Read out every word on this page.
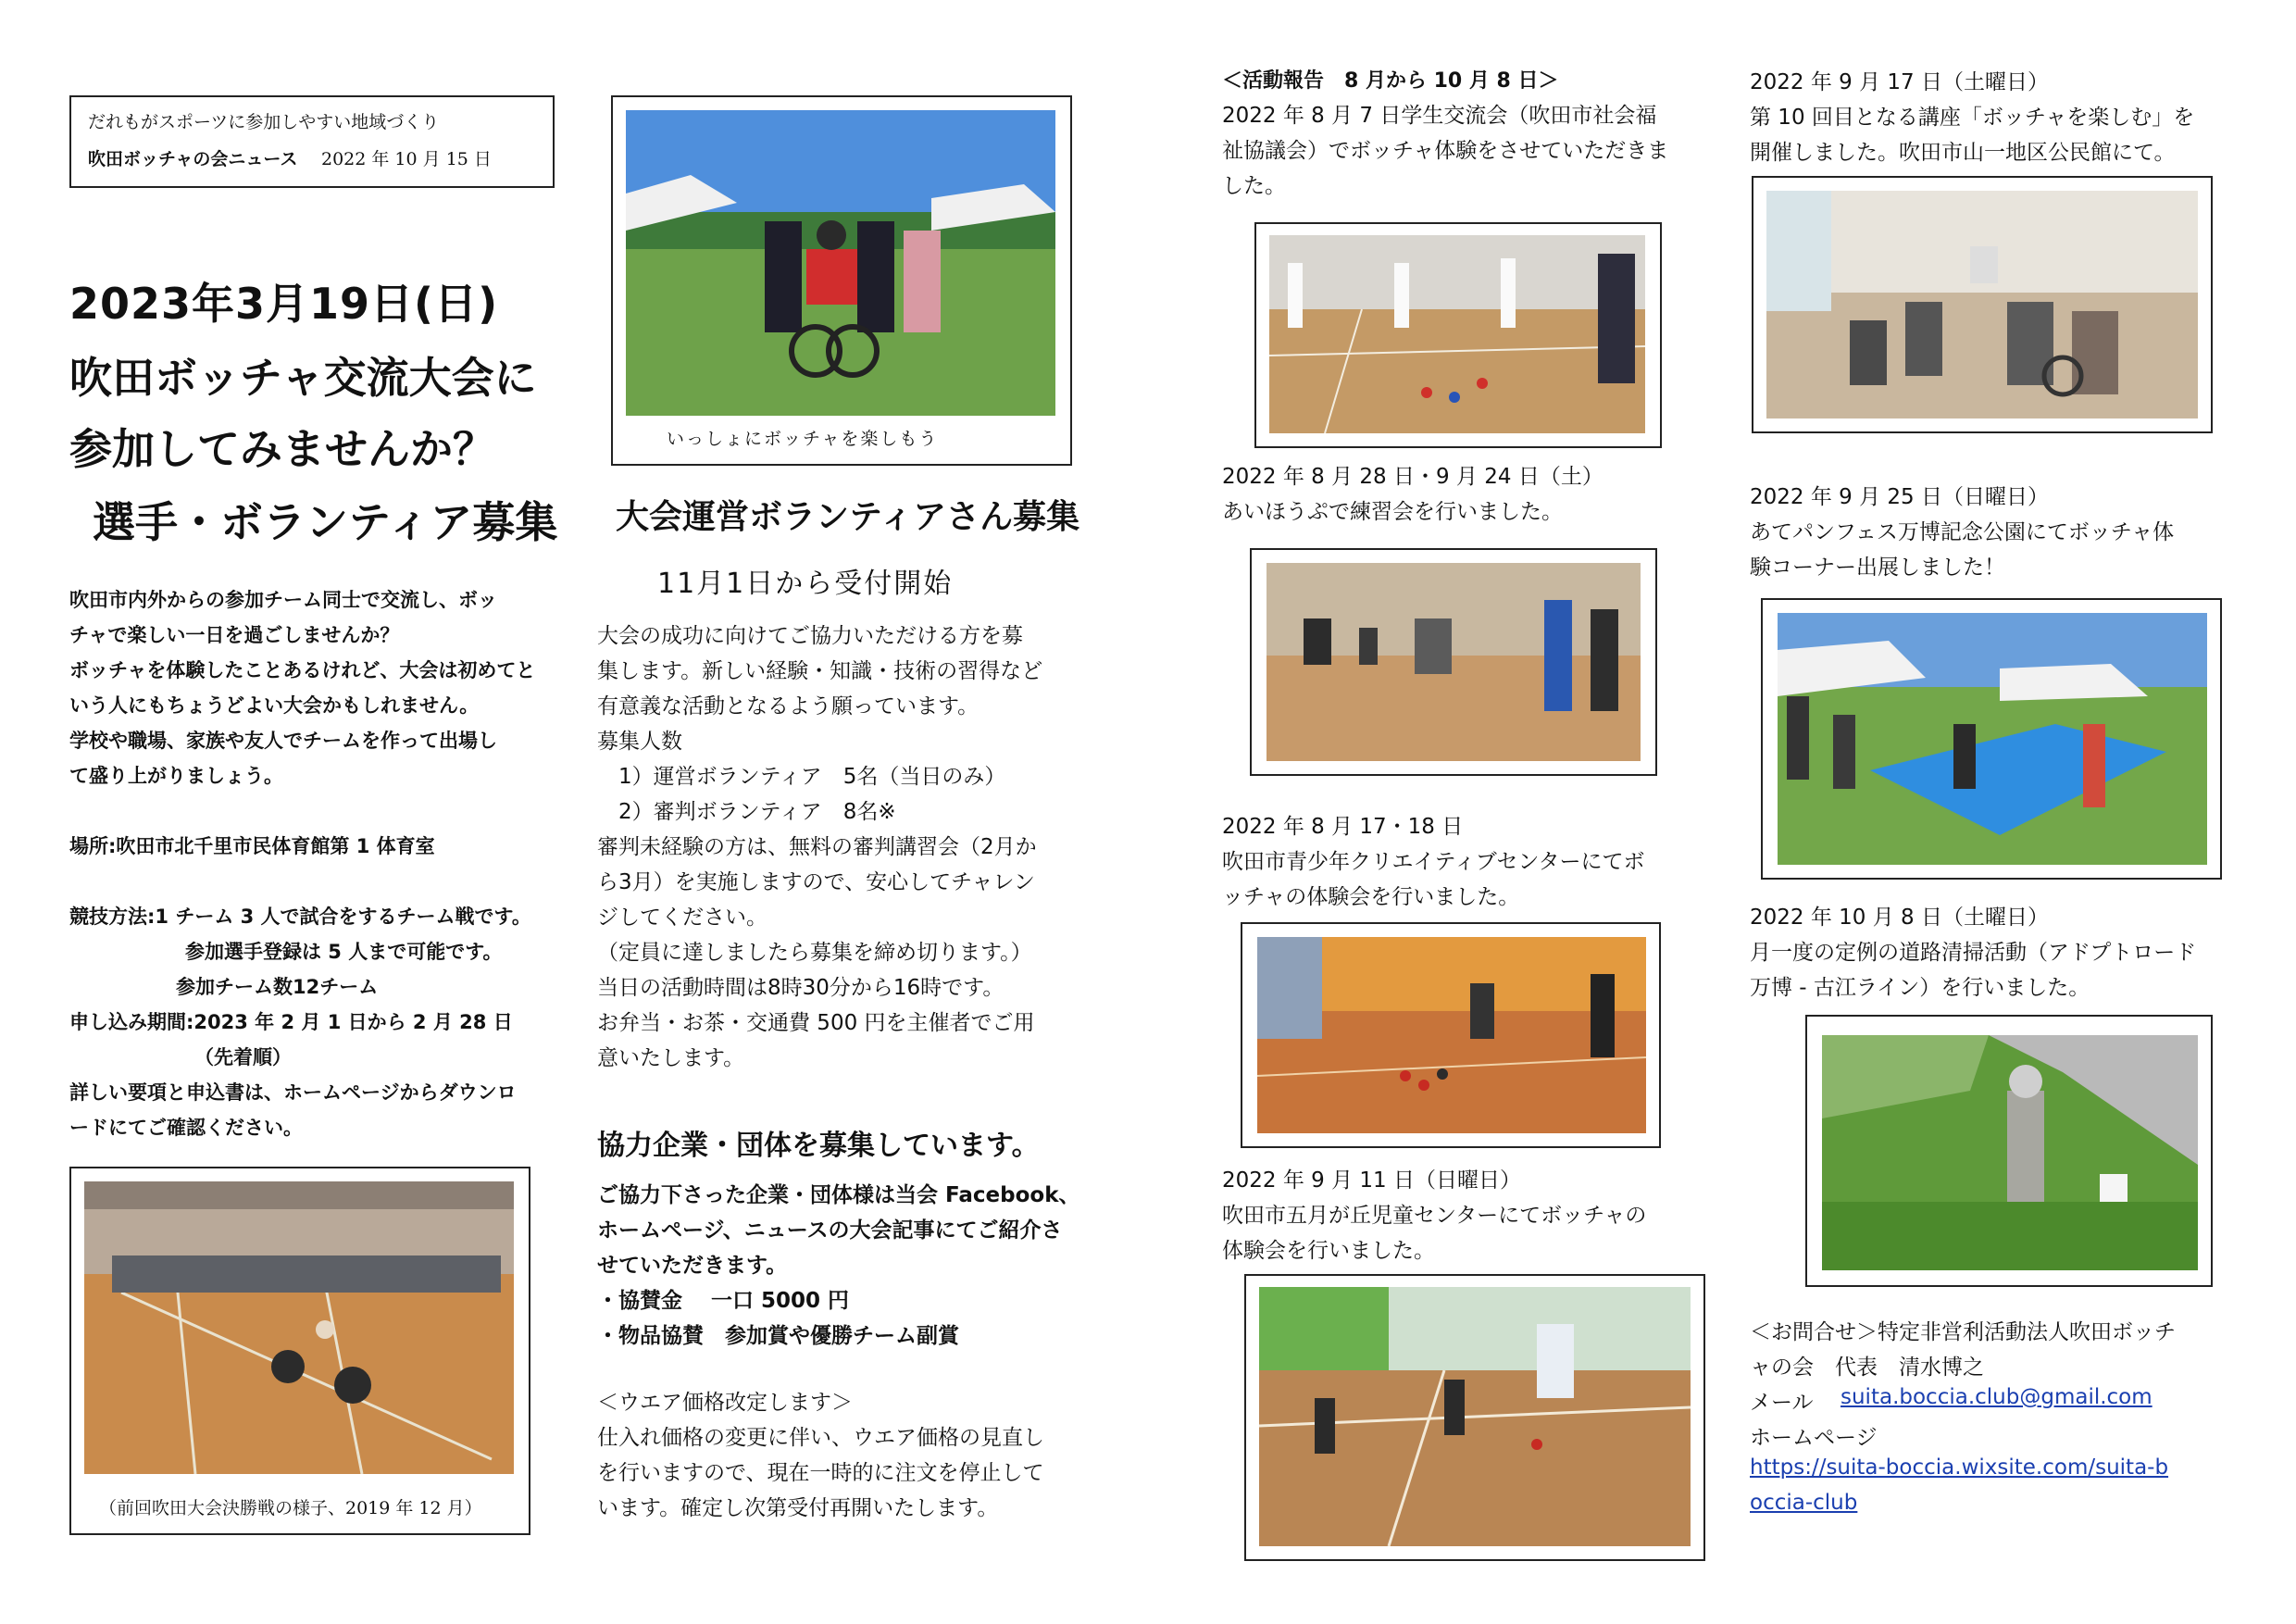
だれもがスポーツに参加しやすい地域づくり
吹田ボッチャの会ニュース 2022 年 10 月 15 日
2023年3月19日(日)
吹田ボッチャ交流大会に
参加してみませんか？
選手・ボランティア募集
吹田市内外からの参加チーム同士で交流し、ボッ
チャで楽しい一日を過ごしませんか？
ボッチャを体験したことあるけれど、大会は初めてと
いう人にもちょうどよい大会かもしれません。
学校や職場、家族や友人でチームを作って出場し
て盛り上がりましょう。
場所:吹田市北千里市民体育館第 1 体育室
競技方法:1 チーム 3 人で試合をするチーム戦です。
参加選手登録は 5 人まで可能です。
参加チーム数12チーム
申し込み期間:2023 年 2 月 1 日から 2 月 28 日
（先着順）
詳しい要項と申込書は、ホームページからダウンロ
ードにてご確認ください。
（前回吹田大会決勝戦の様子、2019 年 12 月）
いっしょにボッチャを楽しもう
大会運営ボランティアさん募集
11月1日から受付開始
大会の成功に向けてご協力いただける方を募
集します。新しい経験・知識・技術の習得など
有意義な活動となるよう願っています。
募集人数
1）運営ボランティア　5名（当日のみ）
2）審判ボランティア　8名※
審判未経験の方は、無料の審判講習会（2月か
ら3月）を実施しますので、安心してチャレン
ジしてください。
（定員に達しましたら募集を締め切ります。）
当日の活動時間は8時30分から16時です。
お弁当・お茶・交通費 500 円を主催者でご用
意いたします。
協力企業・団体を募集しています。
ご協力下さった企業・団体様は当会 Facebook、
ホームページ、ニュースの大会記事にてご紹介さ
せていただきます。
・協賛金　 一口 5000 円
・物品協賛　参加賞や優勝チーム副賞
＜ウエア価格改定します＞
仕入れ価格の変更に伴い、ウエア価格の見直し
を行いますので、現在一時的に注文を停止して
います。確定し次第受付再開いたします。
＜活動報告　8 月から 10 月 8 日＞
2022 年 8 月 7 日学生交流会（吹田市社会福
祉協議会）でボッチャ体験をさせていただきま
した。
2022 年 8 月 28 日・9 月 24 日（土）
あいほうぷで練習会を行いました。
2022 年 8 月 17・18 日
吹田市青少年クリエイティブセンターにてボ
ッチャの体験会を行いました。
2022 年 9 月 11 日（日曜日）
吹田市五月が丘児童センターにてボッチャの
体験会を行いました。
2022 年 9 月 17 日（土曜日）
第 10 回目となる講座「ボッチャを楽しむ」を
開催しました。吹田市山一地区公民館にて。
2022 年 9 月 25 日（日曜日）
あてパンフェス万博記念公園にてボッチャ体
験コーナー出展しました！
2022 年 10 月 8 日（土曜日）
月一度の定例の道路清掃活動（アドプトロード
万博 - 古江ライン）を行いました。
＜お問合せ＞特定非営利活動法人吹田ボッチ
ャの会　代表　清水博之
メール suita.boccia.club@gmail.com
ホームページ
https://suita-boccia.wixsite.com/suita-b
occia-club
